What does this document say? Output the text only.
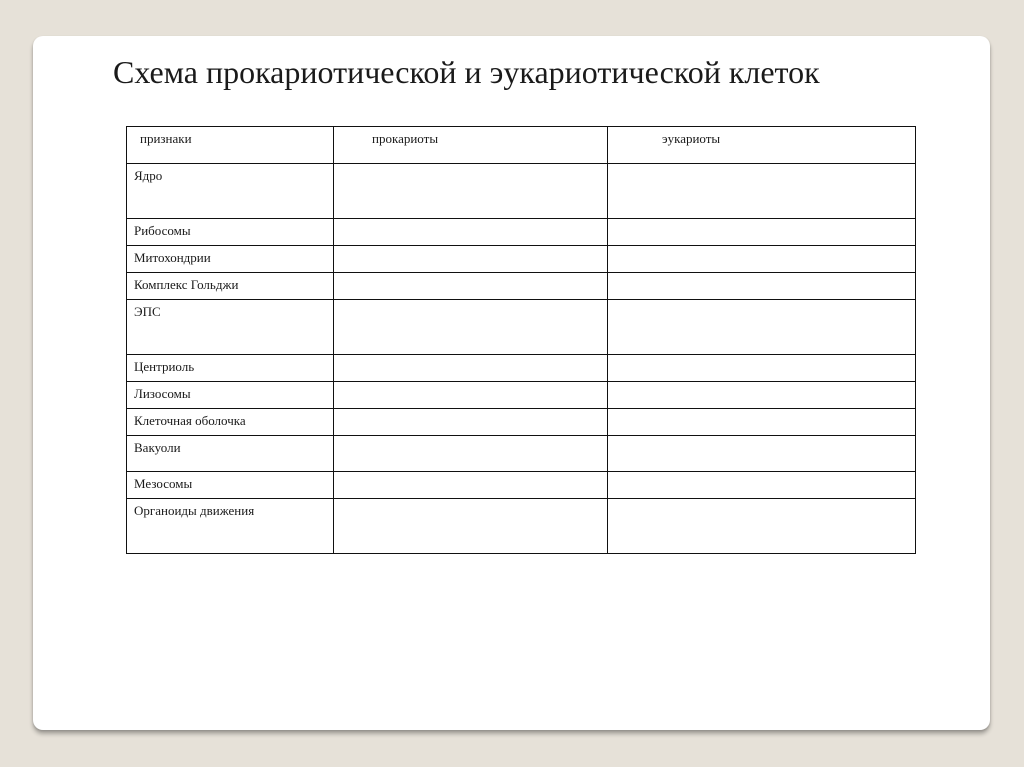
Схема прокариотической и эукариотической клеток
признаки	прокариоты	эукариоты
Ядро		
Рибосомы		
Митохондрии		
Комплекс Гольджи		
ЭПС		
Центриоль		
Лизосомы		
Клеточная оболочка		
Вакуоли		
Мезосомы		
Органоиды движения		
